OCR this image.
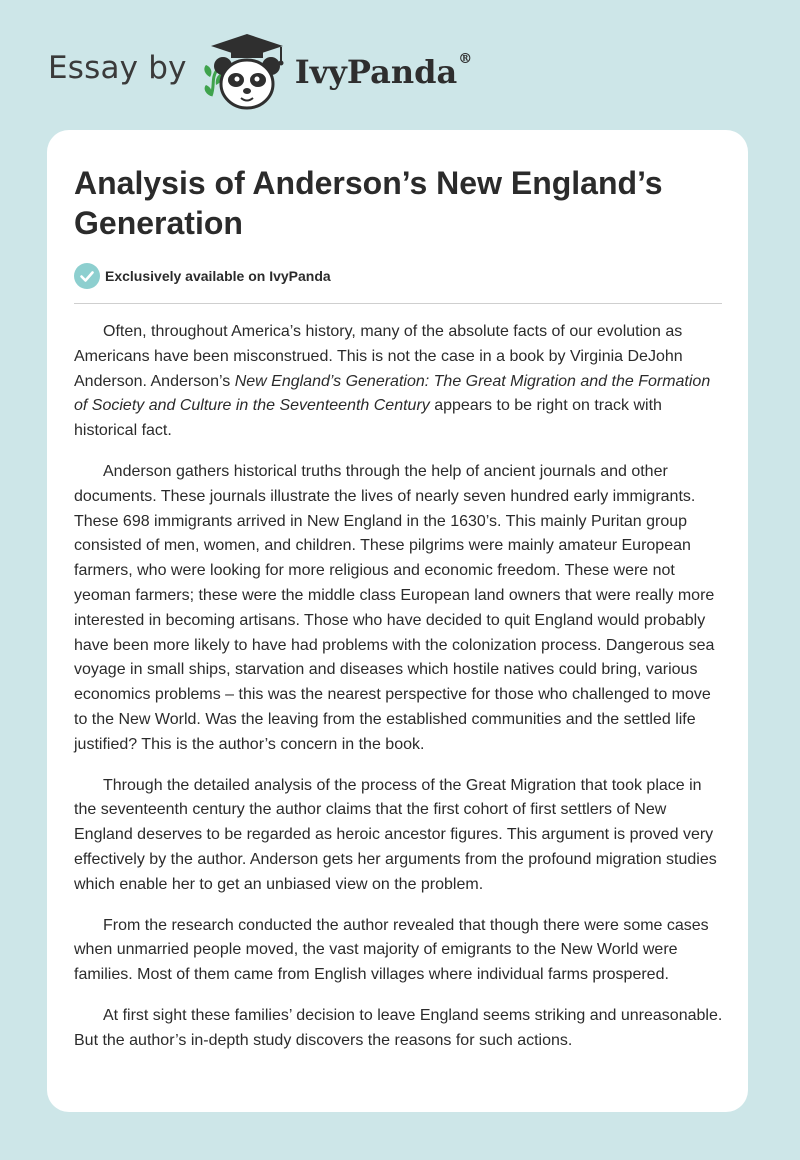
Essay by	IvyPanda®
Analysis of Anderson’s New England’s Generation
Exclusively available on IvyPanda

Often, throughout America’s history, many of the absolute facts of our evolution as Americans have been misconstrued. This is not the case in a book by Virginia DeJohn Anderson. Anderson’s New England’s Generation: The Great Migration and the Formation of Society and Culture in the Seventeenth Century appears to be right on track with historical fact.

Anderson gathers historical truths through the help of ancient journals and other documents. These journals illustrate the lives of nearly seven hundred early immigrants. These 698 immigrants arrived in New England in the 1630’s. This mainly Puritan group consisted of men, women, and children. These pilgrims were mainly amateur European farmers, who were looking for more religious and economic freedom. These were not yeoman farmers; these were the middle class European land owners that were really more interested in becoming artisans. Those who have decided to quit England would probably have been more likely to have had problems with the colonization process. Dangerous sea voyage in small ships, starvation and diseases which hostile natives could bring, various economics problems – this was the nearest perspective for those who challenged to move to the New World. Was the leaving from the established communities and the settled life justified? This is the author’s concern in the book.

Through the detailed analysis of the process of the Great Migration that took place in the seventeenth century the author claims that the first cohort of first settlers of New England deserves to be regarded as heroic ancestor figures. This argument is proved very effectively by the author. Anderson gets her arguments from the profound migration studies which enable her to get an unbiased view on the problem.

From the research conducted the author revealed that though there were some cases when unmarried people moved, the vast majority of emigrants to the New World were families. Most of them came from English villages where individual farms prospered.

At first sight these families’ decision to leave England seems striking and unreasonable. But the author’s in-depth study discovers the reasons for such actions.
